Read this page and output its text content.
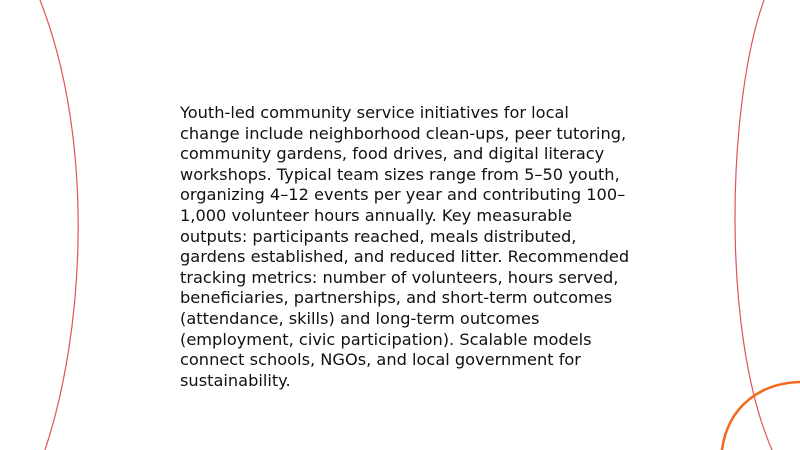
Youth-led community service initiatives for local change include neighborhood clean-ups, peer tutoring, community gardens, food drives, and digital literacy workshops. Typical team sizes range from 5–50 youth, organizing 4–12 events per year and contributing 100–1,000 volunteer hours annually. Key measurable outputs: participants reached, meals distributed, gardens established, and reduced litter. Recommended tracking metrics: number of volunteers, hours served, beneficiaries, partnerships, and short-term outcomes (attendance, skills) and long-term outcomes (employment, civic participation). Scalable models connect schools, NGOs, and local government for sustainability.
